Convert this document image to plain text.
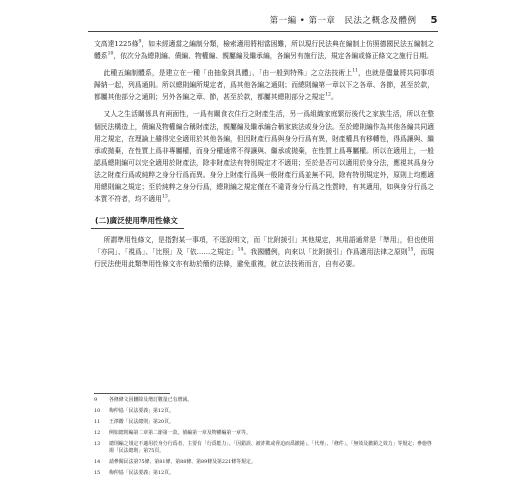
第一編 • 第一章　民法之概念及體例 5

文高達1225條$^9$，如未經適當之編制分類，檢索適用將相當困難，所以現行民法典在編制上仿照德國民法五編制之體系$^{10}$，依次分為總則編、債編、物權編、親屬編及繼承編，各編另有施行法，規定各編或條正條文之施行日期。

此種五編制體系，是建立在一種「由抽象到具體」、「由一般到特殊」之立法技術上$^{11}$，也就是儘量將共同事項歸納一起，列爲通則。所以總則編所規定者，爲其他各編之通則；而總則編第一章以下之各章、各節，甚至於款，都屬其他部分之通則；另外各編之章、節，甚至於款，都屬其總則部分之規定$^{12}$。

又人之生活關係具有兩面性，一爲有關食衣住行之財產生活，另一爲組織家庭繁衍後代之家族生活，所以在整個民法構造上，債編及物權編合稱財產法，親屬編及繼承編合稱家族法或身分法。至於總則編作為其他各編共同適用之規定，在理論上雖得完全適用於其他各編，但因財產行爲與身分行爲有異，財產權具有移轉性，得爲讓與、繼承或拋棄，在性質上爲非專屬權，而身分權通常不得讓與、繼承或拋棄，在性質上爲專屬權。所以在適用上，一般認爲總則編可以完全適用於財產法，除非財產法有特別規定才不適用；至於是否可以適用於身分法，應視其爲身分法之財產行爲或純粹之身分行爲而異。身分上財產行爲與一般財產行爲並無不同，除有特別規定外，原則上均應適用總則編之規定；至於純粹之身分行爲，總則編之規定僅在不違背身分行爲之性質時，有其適用，如與身分行爲之本質不符者，均不適用$^{13}$。

(二)廣泛使用準用性條文

所謂準用性條文，是指對某一事項，不逕設明文，而「比附援引」其他規定，其用語通常是「準用」，但也使用「亦同」、「視爲」、「比照」及「依……之規定」$^{14}$。我國體例，向來以「比附援引」作爲適用法律之原則$^{15}$，而現行民法使用此類準用性條文亦有助於簡約法條，避免重複，就立法技術而言，自有必要。

9	各條條文因刪除及增訂數量已有增減。
10	梅仲協「民法要義」第12頁。
11	王澤鑑「民法總則」第20頁。
12	例如總則編第二章第二節第一款，債編第一章及物權編第一章等。
13	總則編之規定不適用於身分行爲者，主要有「行爲能力」、「因錯誤、被詐欺或脅迫而爲撤銷」、「代理」、「條件」、「無效及撤銷之效力」等規定；參施啓揚「民法總則」第75頁。
14	請參閱民法第75條、第81條、第88條、第89條及第221條等規定。
15	梅仲協「民法要義」第12頁。
